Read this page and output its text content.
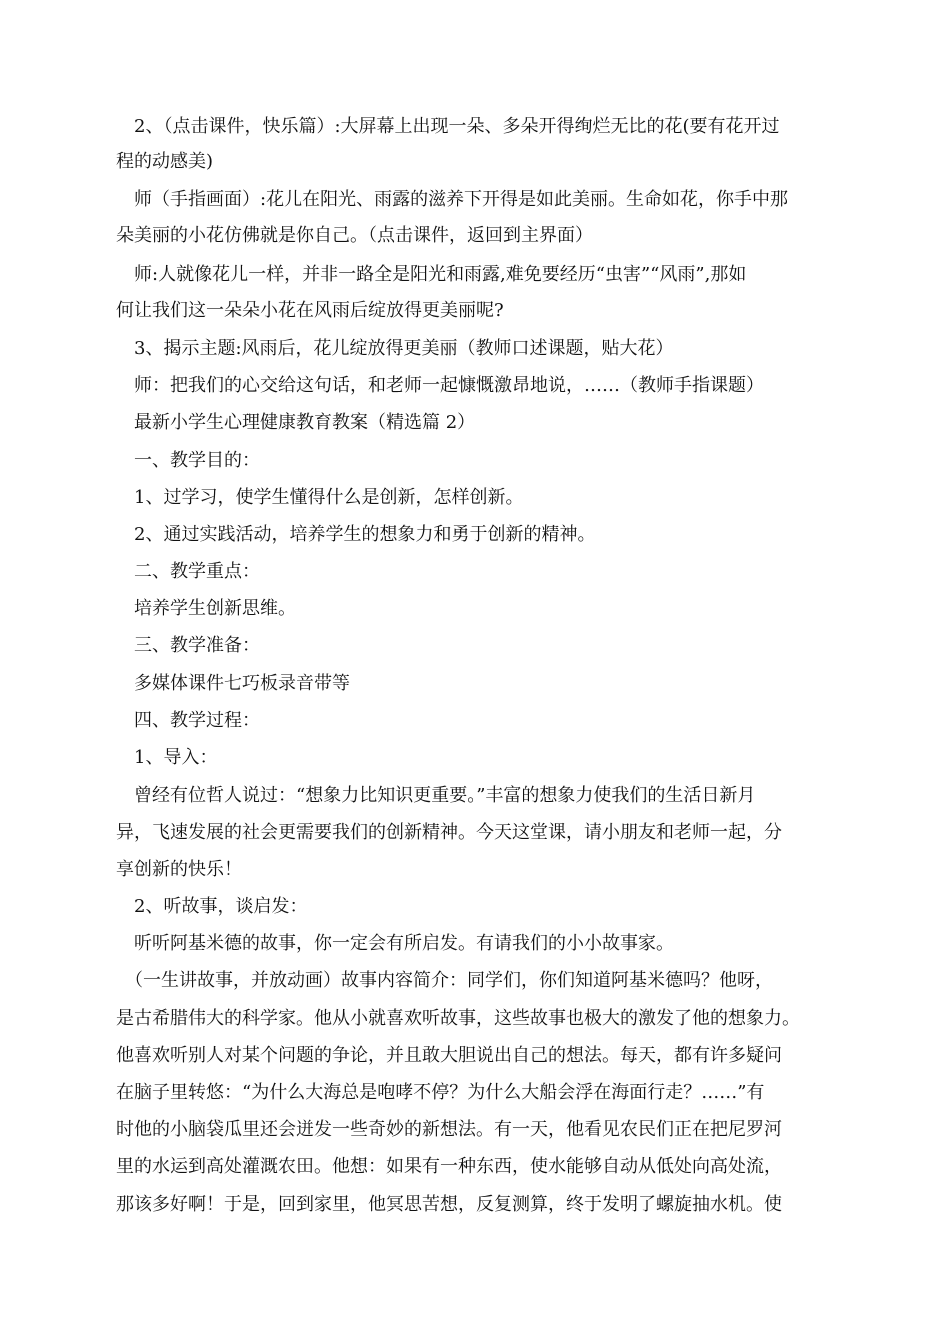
　2、（点击课件，快乐篇）:大屏幕上出现一朵、多朵开得绚烂无比的花(要有花开过
程的动感美)
　师（手指画面）:花儿在阳光、雨露的滋养下开得是如此美丽。生命如花，你手中那
朵美丽的小花仿佛就是你自己。（点击课件，返回到主界面）
　师:人就像花儿一样，并非一路全是阳光和雨露,难免要经历“虫害”“风雨”,那如
何让我们这一朵朵小花在风雨后绽放得更美丽呢?
　3、揭示主题:风雨后，花儿绽放得更美丽（教师口述课题，贴大花）
　师：把我们的心交给这句话，和老师一起慷慨激昂地说，……（教师手指课题）
　最新小学生心理健康教育教案（精选篇 2）
　一、教学目的：
　1、过学习，使学生懂得什么是创新，怎样创新。
　2、通过实践活动，培养学生的想象力和勇于创新的精神。
　二、教学重点：
　培养学生创新思维。
　三、教学准备：
　多媒体课件七巧板录音带等
　四、教学过程：
　1、导入：
　曾经有位哲人说过：“想象力比知识更重要。”丰富的想象力使我们的生活日新月
异，飞速发展的社会更需要我们的创新精神。今天这堂课，请小朋友和老师一起，分
享创新的快乐！
　2、听故事，谈启发：
　听听阿基米德的故事，你一定会有所启发。有请我们的小小故事家。
　（一生讲故事，并放动画）故事内容简介：同学们，你们知道阿基米德吗？他呀，
是古希腊伟大的科学家。他从小就喜欢听故事，这些故事也极大的激发了他的想象力。
他喜欢听别人对某个问题的争论，并且敢大胆说出自己的想法。每天，都有许多疑问
在脑子里转悠：“为什么大海总是咆哮不停？为什么大船会浮在海面行走？……”有
时他的小脑袋瓜里还会迸发一些奇妙的新想法。有一天，他看见农民们正在把尼罗河
里的水运到高处灌溉农田。他想：如果有一种东西，使水能够自动从低处向高处流，
那该多好啊！于是，回到家里，他冥思苦想，反复测算，终于发明了螺旋抽水机。使
